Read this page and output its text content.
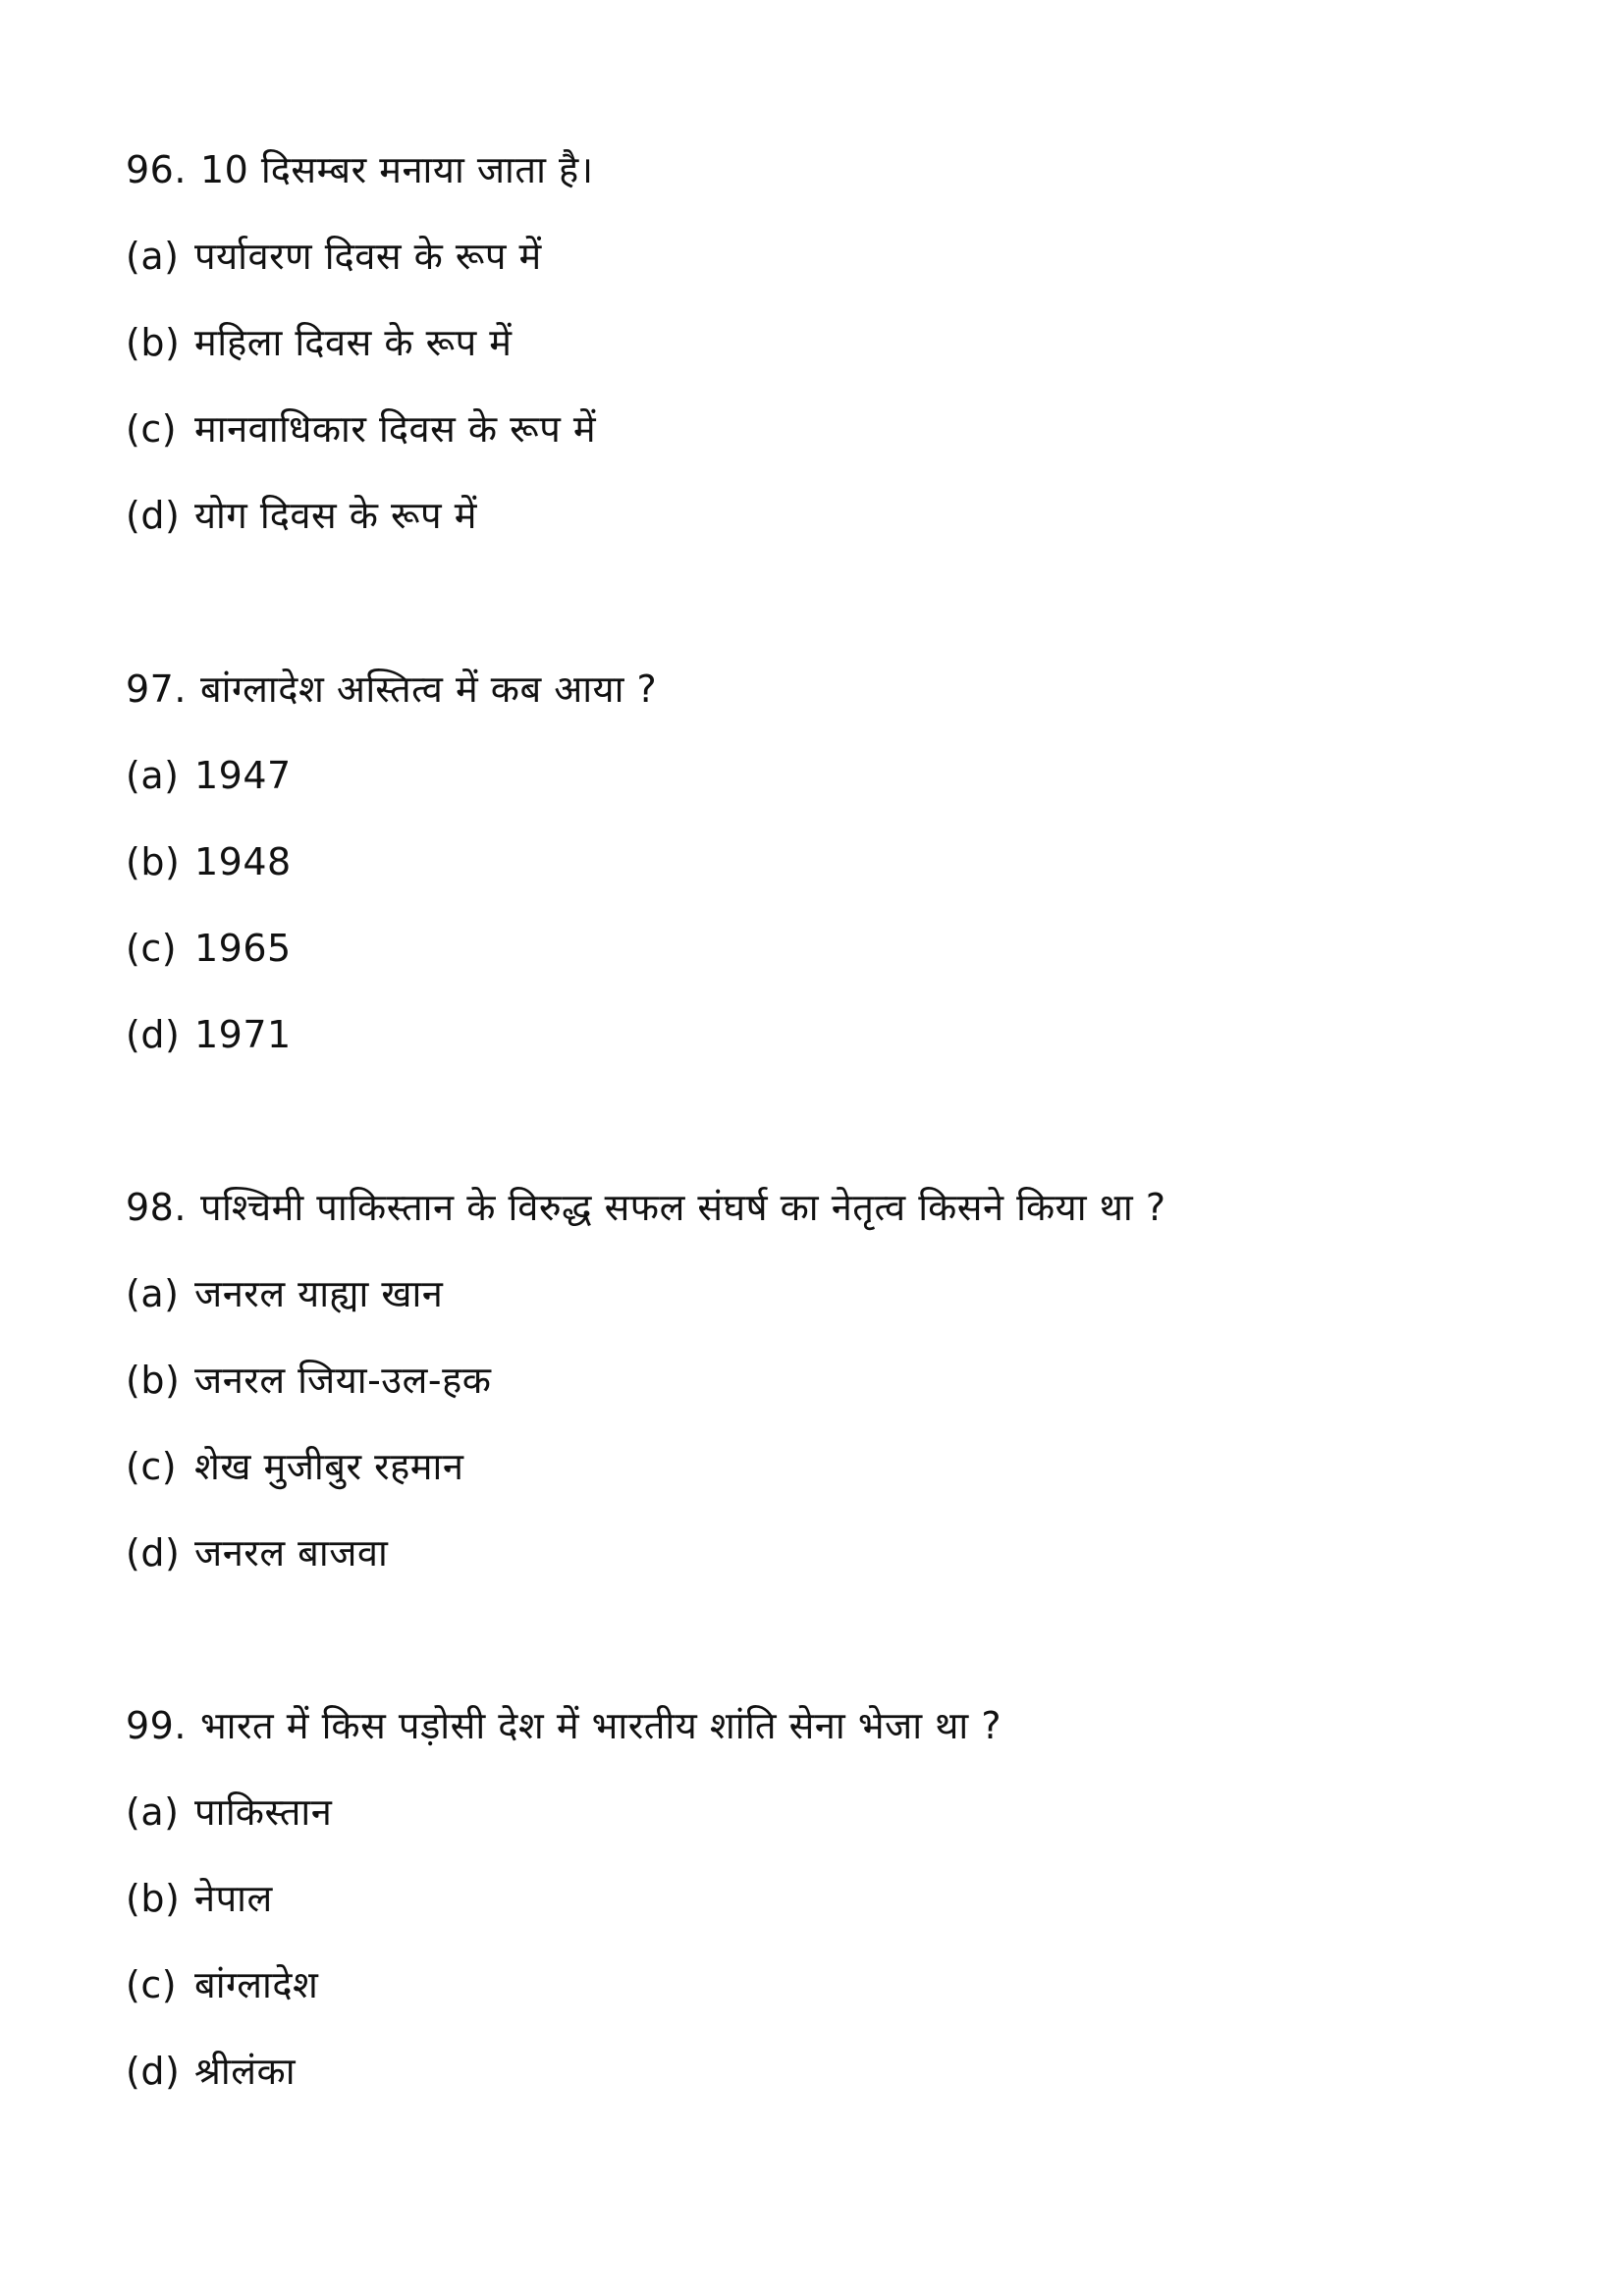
96. 10 दिसम्बर मनाया जाता है।
(a) पर्यावरण दिवस के रूप में
(b) महिला दिवस के रूप में
(c) मानवाधिकार दिवस के रूप में
(d) योग दिवस के रूप में
97. बांग्लादेश अस्तित्व में कब आया ?
(a) 1947
(b) 1948
(c) 1965
(d) 1971
98. पश्चिमी पाकिस्तान के विरुद्ध सफल संघर्ष का नेतृत्व किसने किया था ?
(a) जनरल याह्या खान
(b) जनरल जिया-उल-हक
(c) शेख मुजीबुर रहमान
(d) जनरल बाजवा
99. भारत में किस पड़ोसी देश में भारतीय शांति सेना भेजा था ?
(a) पाकिस्तान
(b) नेपाल
(c) बांग्लादेश
(d) श्रीलंका
